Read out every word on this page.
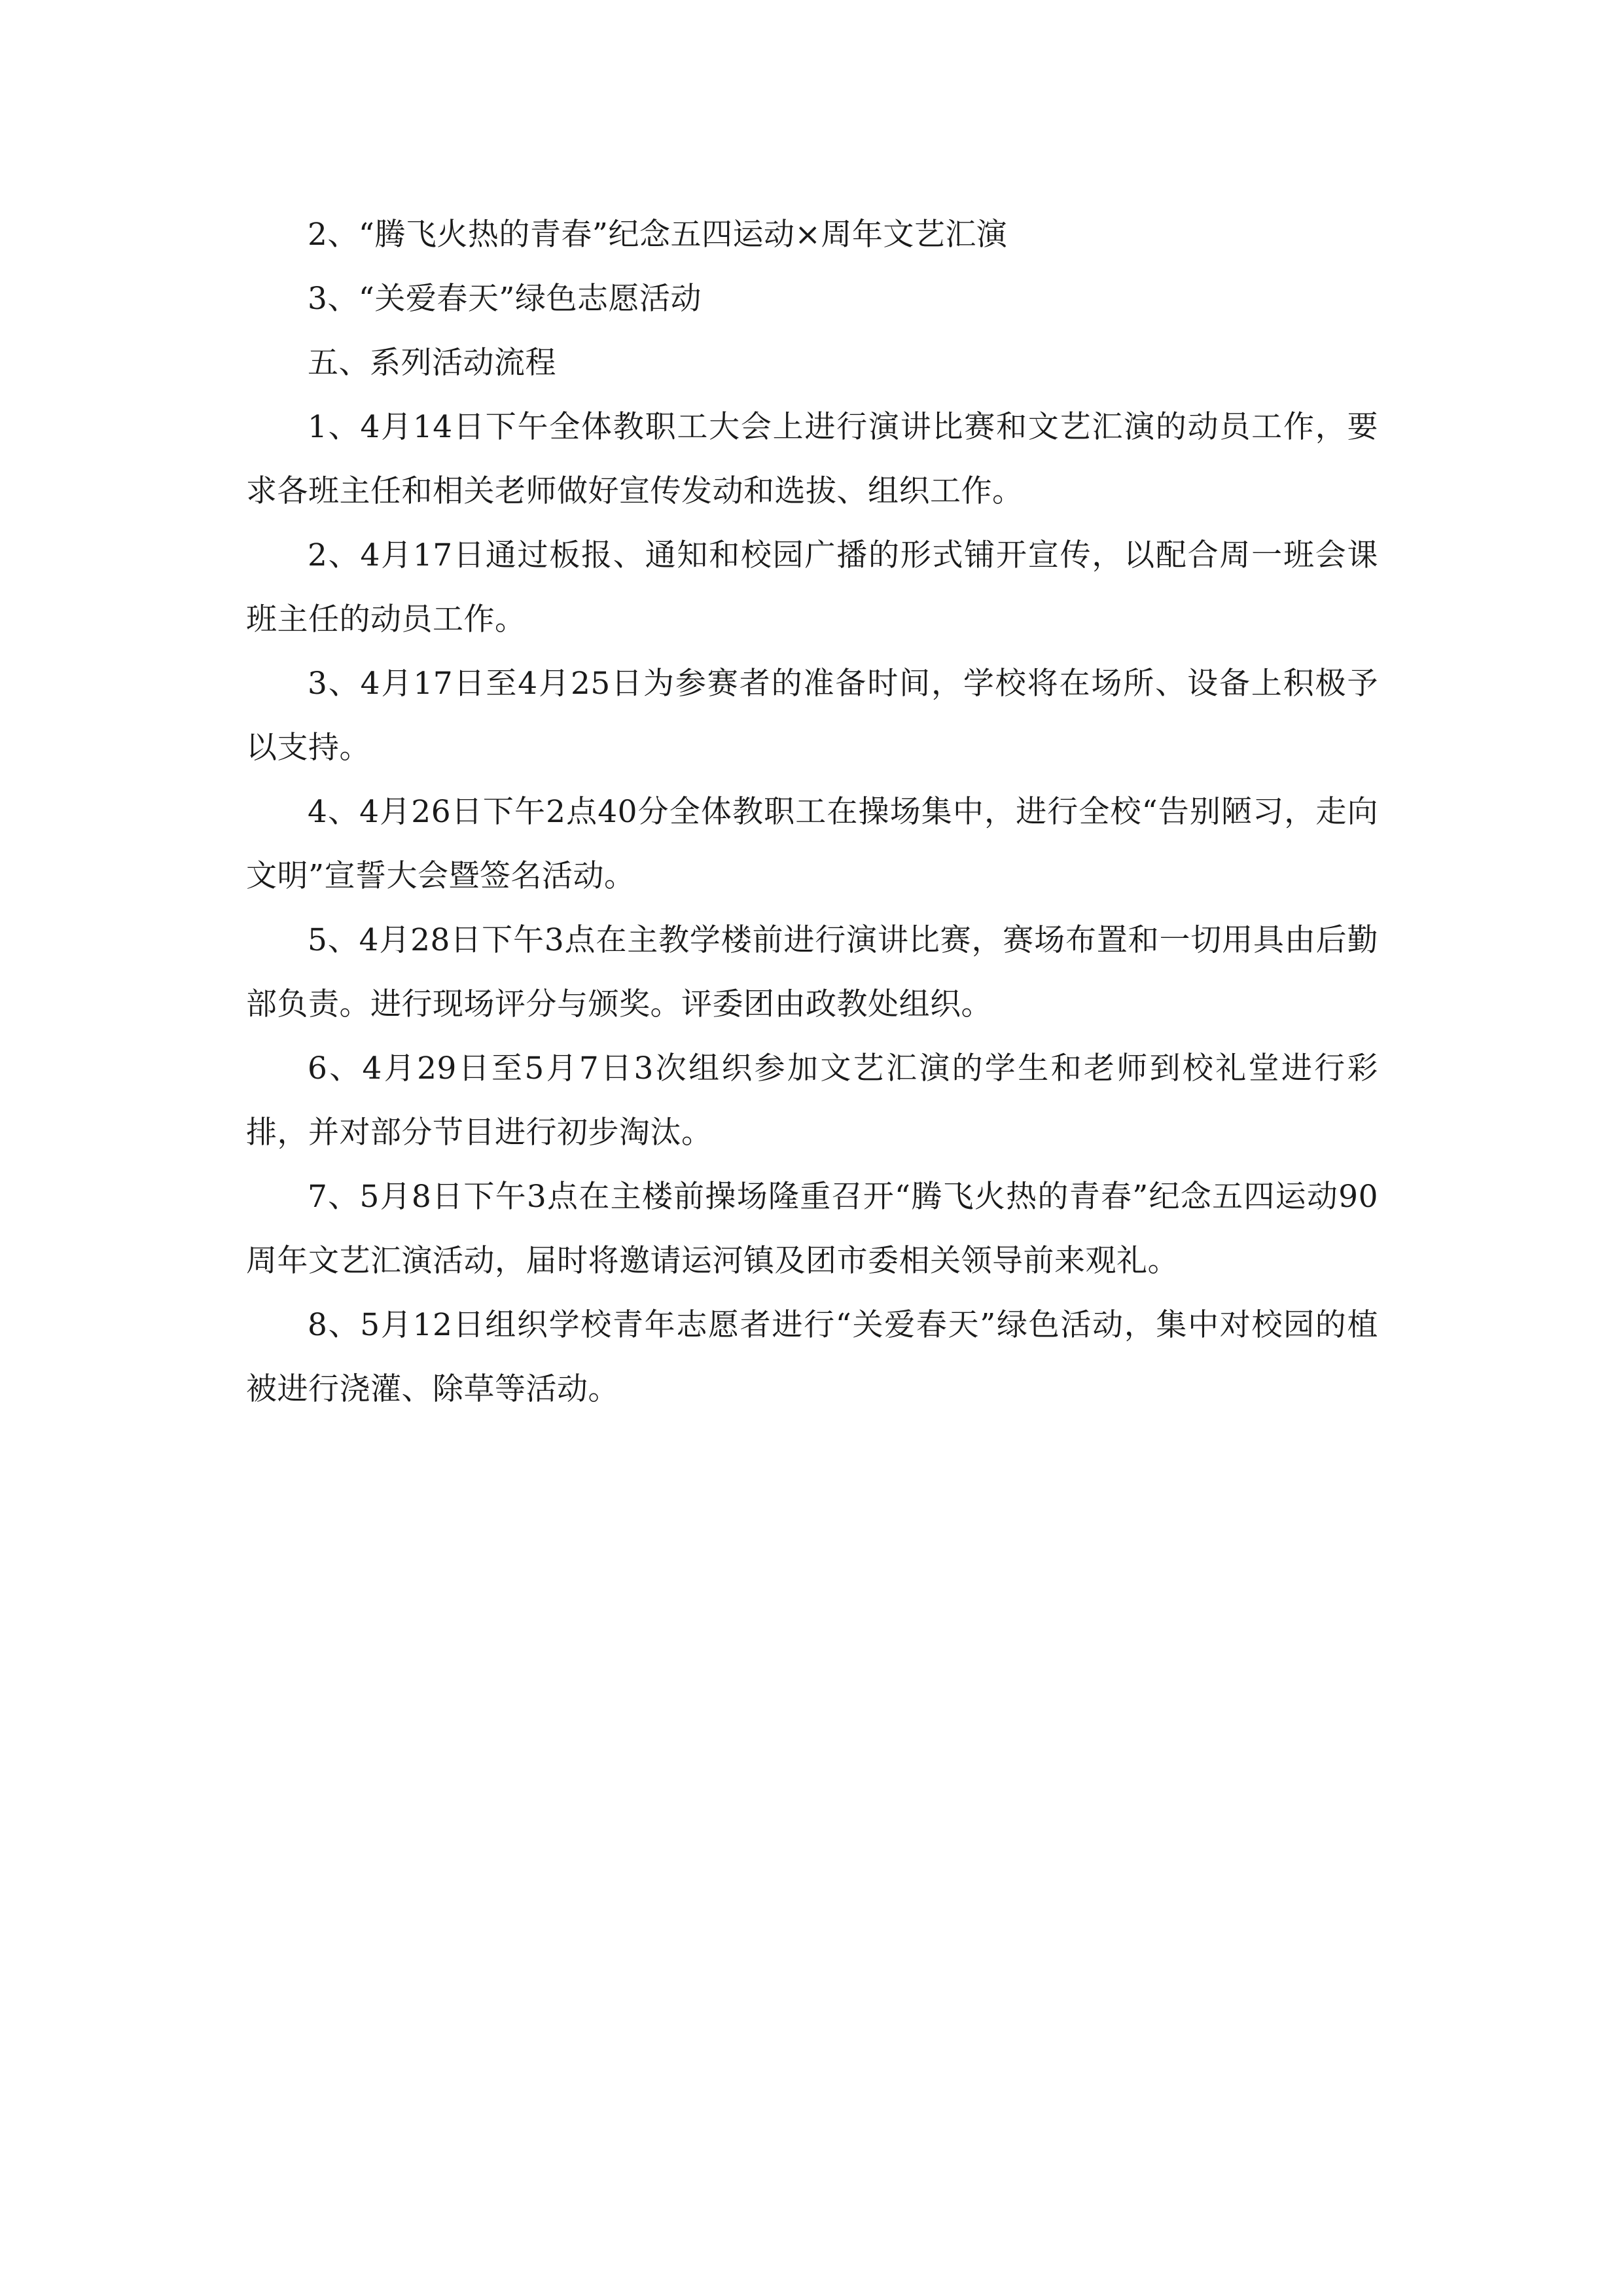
2、“腾飞火热的青春”纪念五四运动×周年文艺汇演

3、“关爱春天”绿色志愿活动

五、系列活动流程

1、4月14日下午全体教职工大会上进行演讲比赛和文艺汇演的动员工作，要求各班主任和相关老师做好宣传发动和选拔、组织工作。

2、4月17日通过板报、通知和校园广播的形式铺开宣传，以配合周一班会课班主任的动员工作。

3、4月17日至4月25日为参赛者的准备时间，学校将在场所、设备上积极予以支持。

4、4月26日下午2点40分全体教职工在操场集中，进行全校“告别陋习，走向文明”宣誓大会暨签名活动。

5、4月28日下午3点在主教学楼前进行演讲比赛，赛场布置和一切用具由后勤部负责。进行现场评分与颁奖。评委团由政教处组织。

6、4月29日至5月7日3次组织参加文艺汇演的学生和老师到校礼堂进行彩排，并对部分节目进行初步淘汰。

7、5月8日下午3点在主楼前操场隆重召开“腾飞火热的青春”纪念五四运动90周年文艺汇演活动，届时将邀请运河镇及团市委相关领导前来观礼。

8、5月12日组织学校青年志愿者进行“关爱春天”绿色活动，集中对校园的植被进行浇灌、除草等活动。
